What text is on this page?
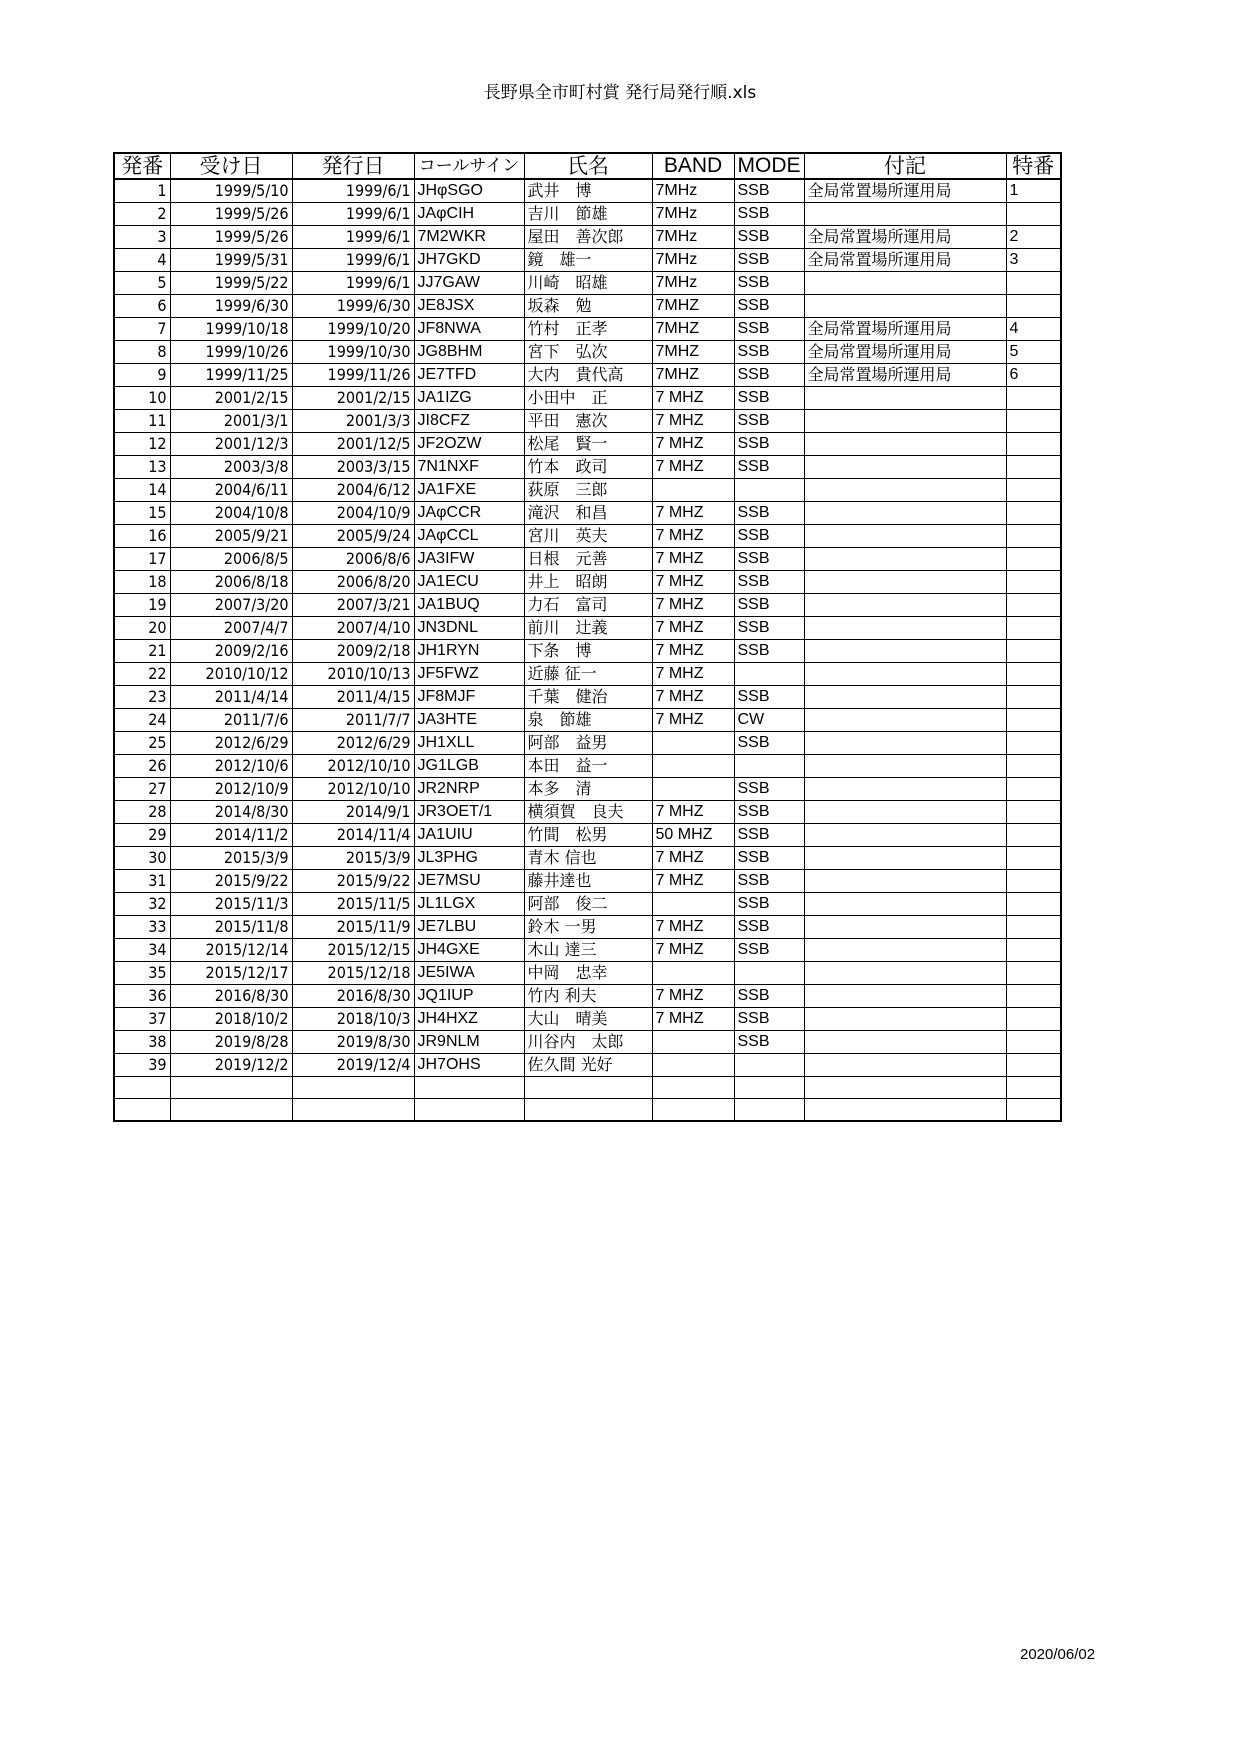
長野県全市町村賞 発行局発行順.xls
発番	受け日	発行日	コールサイン	氏名	BAND	MODE	付記	特番
1	1999/5/10	1999/6/1	JHφSGO	武井　博	7MHz	SSB	全局常置場所運用局	1
2	1999/5/26	1999/6/1	JAφCIH	吉川　節雄	7MHz	SSB		
3	1999/5/26	1999/6/1	7M2WKR	屋田　善次郎	7MHz	SSB	全局常置場所運用局	2
4	1999/5/31	1999/6/1	JH7GKD	鏡　雄一	7MHz	SSB	全局常置場所運用局	3
5	1999/5/22	1999/6/1	JJ7GAW	川崎　昭雄	7MHz	SSB		
6	1999/6/30	1999/6/30	JE8JSX	坂森　勉	7MHZ	SSB		
7	1999/10/18	1999/10/20	JF8NWA	竹村　正孝	7MHZ	SSB	全局常置場所運用局	4
8	1999/10/26	1999/10/30	JG8BHM	宮下　弘次	7MHZ	SSB	全局常置場所運用局	5
9	1999/11/25	1999/11/26	JE7TFD	大内　貴代高	7MHZ	SSB	全局常置場所運用局	6
10	2001/2/15	2001/2/15	JA1IZG	小田中　正	7 MHZ	SSB		
11	2001/3/1	2001/3/3	JI8CFZ	平田　憲次	7 MHZ	SSB		
12	2001/12/3	2001/12/5	JF2OZW	松尾　賢一	7 MHZ	SSB		
13	2003/3/8	2003/3/15	7N1NXF	竹本　政司	7 MHZ	SSB		
14	2004/6/11	2004/6/12	JA1FXE	荻原　三郎				
15	2004/10/8	2004/10/9	JAφCCR	滝沢　和昌	7 MHZ	SSB		
16	2005/9/21	2005/9/24	JAφCCL	宮川　英夫	7 MHZ	SSB		
17	2006/8/5	2006/8/6	JA3IFW	日根　元善	7 MHZ	SSB		
18	2006/8/18	2006/8/20	JA1ECU	井上　昭朗	7 MHZ	SSB		
19	2007/3/20	2007/3/21	JA1BUQ	力石　富司	7 MHZ	SSB		
20	2007/4/7	2007/4/10	JN3DNL	前川　辻義	7 MHZ	SSB		
21	2009/2/16	2009/2/18	JH1RYN	下条　博	7 MHZ	SSB		
22	2010/10/12	2010/10/13	JF5FWZ	近藤 征一	7 MHZ			
23	2011/4/14	2011/4/15	JF8MJF	千葉　健治	7 MHZ	SSB		
24	2011/7/6	2011/7/7	JA3HTE	泉　節雄	7 MHZ	CW		
25	2012/6/29	2012/6/29	JH1XLL	阿部　益男		SSB		
26	2012/10/6	2012/10/10	JG1LGB	本田　益一				
27	2012/10/9	2012/10/10	JR2NRP	本多　清		SSB		
28	2014/8/30	2014/9/1	JR3OET/1	横須賀　良夫	7 MHZ	SSB		
29	2014/11/2	2014/11/4	JA1UIU	竹間　松男	50 MHZ	SSB		
30	2015/3/9	2015/3/9	JL3PHG	青木 信也	7 MHZ	SSB		
31	2015/9/22	2015/9/22	JE7MSU	藤井達也	7 MHZ	SSB		
32	2015/11/3	2015/11/5	JL1LGX	阿部　俊二		SSB		
33	2015/11/8	2015/11/9	JE7LBU	鈴木 一男	7 MHZ	SSB		
34	2015/12/14	2015/12/15	JH4GXE	木山 達三	7 MHZ	SSB		
35	2015/12/17	2015/12/18	JE5IWA	中岡　忠幸				
36	2016/8/30	2016/8/30	JQ1IUP	竹内 利夫	7 MHZ	SSB		
37	2018/10/2	2018/10/3	JH4HXZ	大山　晴美	7 MHZ	SSB		
38	2019/8/28	2019/8/30	JR9NLM	川谷内　太郎		SSB		
39	2019/12/2	2019/12/4	JH7OHS	佐久間 光好				

2020/06/02
